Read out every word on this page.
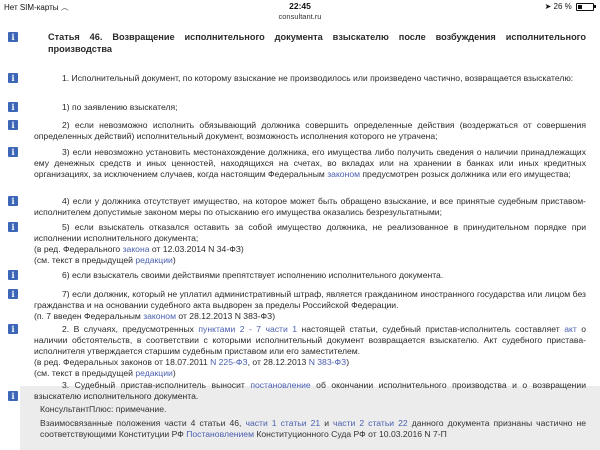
Нет SIM-карты ︵	22:45	➤ 26 %
consultant.ru
i
i
i
i
i
i
i
i
i
i
i
Статья 46. Возвращение исполнительного документа взыскателю после возбуждения исполнительного производства
1. Исполнительный документ, по которому взыскание не производилось или произведено частично, возвращается взыскателю:
1) по заявлению взыскателя;
2) если невозможно исполнить обязывающий должника совершить определенные действия (воздержаться от совершения определенных действий) исполнительный документ, возможность исполнения которого не утрачена;
3) если невозможно установить местонахождение должника, его имущества либо получить сведения о наличии принадлежащих ему денежных средств и иных ценностей, находящихся на счетах, во вкладах или на хранении в банках или иных кредитных организациях, за исключением случаев, когда настоящим Федеральным законом предусмотрен розыск должника или его имущества;
4) если у должника отсутствует имущество, на которое может быть обращено взыскание, и все принятые судебным приставом-исполнителем допустимые законом меры по отысканию его имущества оказались безрезультатными;
5) если взыскатель отказался оставить за собой имущество должника, не реализованное в принудительном порядке при исполнении исполнительного документа;
(в ред. Федерального закона от 12.03.2014 N 34-ФЗ)
(см. текст в предыдущей редакции)
6) если взыскатель своими действиями препятствует исполнению исполнительного документа.
7) если должник, который не уплатил административный штраф, является гражданином иностранного государства или лицом без гражданства и на основании судебного акта выдворен за пределы Российской Федерации.
(п. 7 введен Федеральным законом от 28.12.2013 N 383-ФЗ)
2. В случаях, предусмотренных пунктами 2 - 7 части 1 настоящей статьи, судебный пристав-исполнитель составляет акт о наличии обстоятельств, в соответствии с которыми исполнительный документ возвращается взыскателю. Акт судебного пристава-исполнителя утверждается старшим судебным приставом или его заместителем.
(в ред. Федеральных законов от 18.07.2011 N 225-ФЗ, от 28.12.2013 N 383-ФЗ)
(см. текст в предыдущей редакции)
3. Судебный пристав-исполнитель выносит постановление об окончании исполнительного производства и о возвращении взыскателю исполнительного документа.
КонсультантПлюс: примечание.
Взаимосвязанные положения части 4 статьи 46, части 1 статьи 21 и части 2 статьи 22 данного документа признаны частично не соответствующими Конституции РФ Постановлением Конституционного Суда РФ от 10.03.2016 N 7-П
